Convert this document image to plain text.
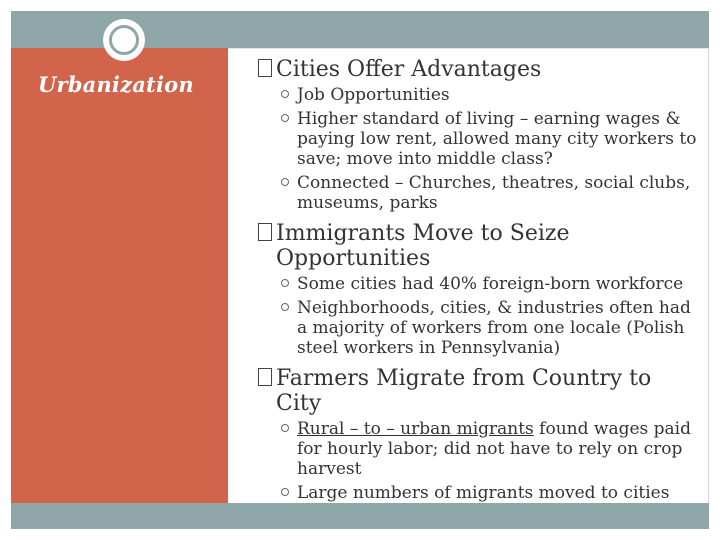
Urbanization
Cities Offer Advantages
Job Opportunities
Higher standard of living – earning wages & paying low rent, allowed many city workers to save; move into middle class?
Connected – Churches, theatres, social clubs, museums, parks
Immigrants Move to Seize Opportunities
Some cities had 40% foreign-born workforce
Neighborhoods, cities, & industries often had a majority of workers from one locale (Polish steel workers in Pennsylvania)
Farmers Migrate from Country to City
Rural – to – urban migrants found wages paid for hourly labor; did not have to rely on crop harvest
Large numbers of migrants moved to cities
